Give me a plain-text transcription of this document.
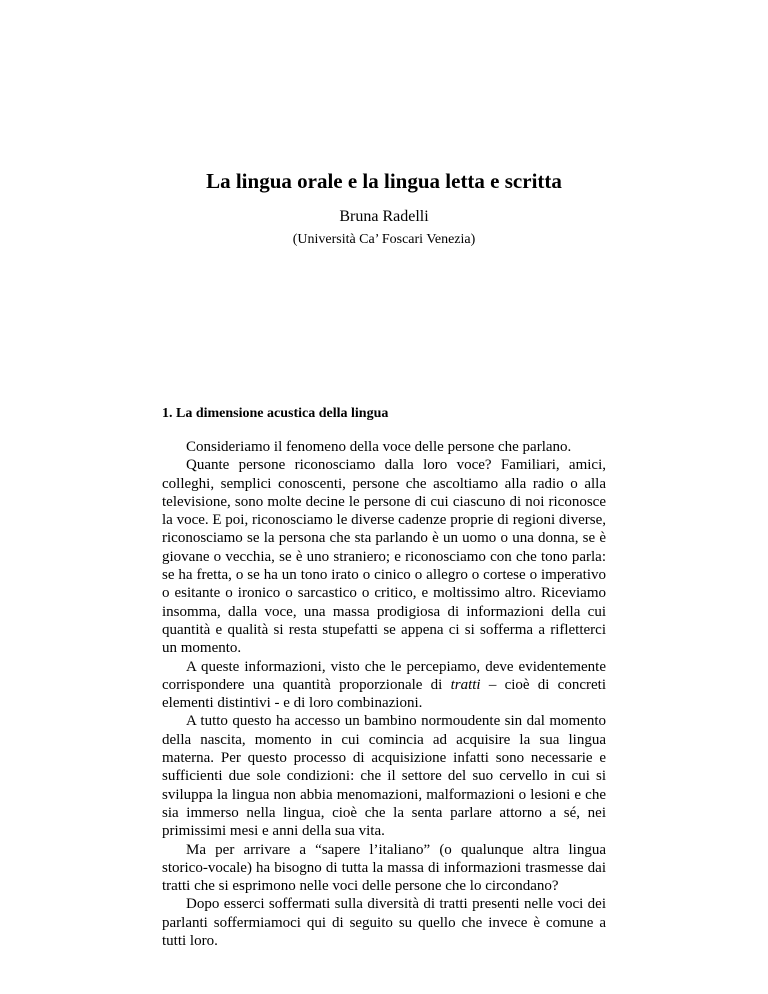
La lingua orale e la lingua letta e scritta
Bruna Radelli
(Università Ca’ Foscari Venezia)
1. La dimensione acustica della lingua

Consideriamo il fenomeno della voce delle persone che parlano.

Quante persone riconosciamo dalla loro voce? Familiari, amici, colleghi, semplici conoscenti, persone che ascoltiamo alla radio o alla televisione, sono molte decine le persone di cui ciascuno di noi riconosce la voce. E poi, riconosciamo le diverse cadenze proprie di regioni diverse, riconosciamo se la persona che sta parlando è un uomo o una donna, se è giovane o vecchia, se è uno straniero; e riconosciamo con che tono parla: se ha fretta, o se ha un tono irato o cinico o allegro o cortese o imperativo o esitante o ironico o sarcastico o critico, e moltissimo altro. Riceviamo insomma, dalla voce, una massa prodigiosa di informazioni della cui quantità e qualità si resta stupefatti se appena ci si sofferma a rifletterci un momento.

A queste informazioni, visto che le percepiamo, deve evidentemente corrispondere una quantità proporzionale di tratti – cioè di concreti elementi distintivi - e di loro combinazioni.

A tutto questo ha accesso un bambino normoudente sin dal momento della nascita, momento in cui comincia ad acquisire la sua lingua materna. Per questo processo di acquisizione infatti sono necessarie e sufficienti due sole condizioni: che il settore del suo cervello in cui si sviluppa la lingua non abbia menomazioni, malformazioni o lesioni e che sia immerso nella lingua, cioè che la senta parlare attorno a sé, nei primissimi mesi e anni della sua vita.

Ma per arrivare a “sapere l’italiano” (o qualunque altra lingua storico-vocale) ha bisogno di tutta la massa di informazioni trasmesse dai tratti che si esprimono nelle voci delle persone che lo circondano?

Dopo esserci soffermati sulla diversità di tratti presenti nelle voci dei parlanti soffermiamoci qui di seguito su quello che invece è comune a tutti loro.
